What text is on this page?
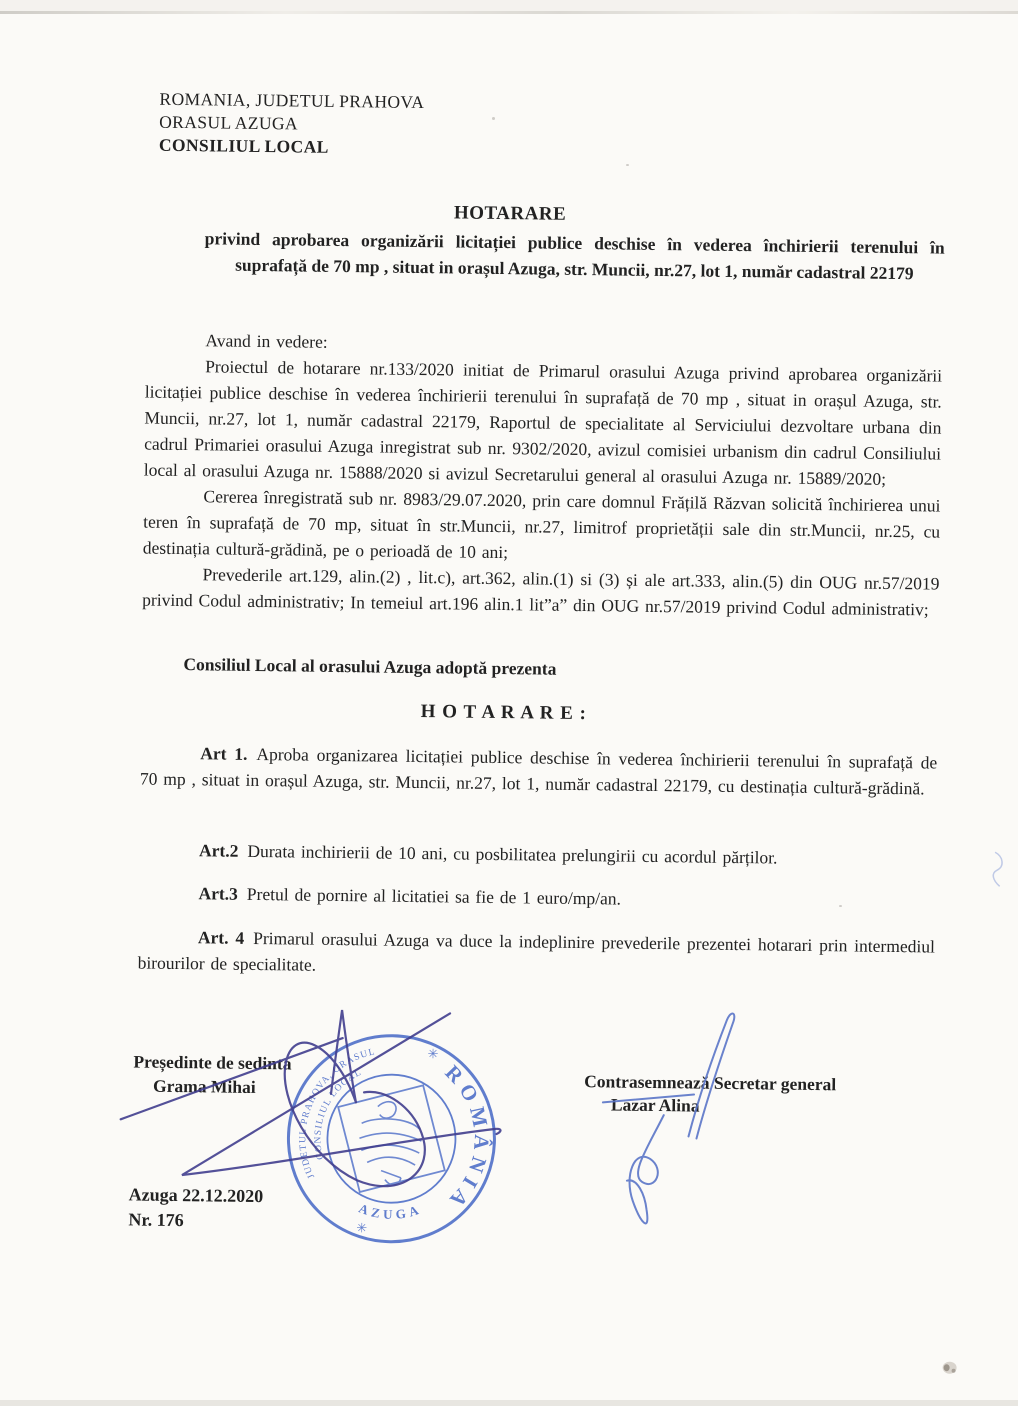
ROMANIA, JUDETUL PRAHOVA
ORASUL AZUGA
CONSILIUL LOCAL
HOTARARE
privind aprobarea organizării licitației publice deschise în vederea închirierii terenului în suprafață de 70 mp , situat in orașul Azuga, str. Muncii, nr.27, lot 1, număr cadastral 22179

Avand in vedere:

Proiectul de hotarare nr.133/2020 initiat de Primarul orasului Azuga privind aprobarea organizării licitației publice deschise în vederea închirierii terenului în suprafață de 70 mp , situat in orașul Azuga, str. Muncii, nr.27, lot 1, număr cadastral 22179, Raportul de specialitate al Serviciului dezvoltare urbana din cadrul Primariei orasului Azuga inregistrat sub nr. 9302/2020, avizul comisiei urbanism din cadrul Consiliului local al orasului Azuga nr. 15888/2020 si avizul Secretarului general al orasului Azuga nr. 15889/2020;

Cererea înregistrată sub nr. 8983/29.07.2020, prin care domnul Frățilă Răzvan solicită închirierea unui teren în suprafață de 70 mp, situat în str.Muncii, nr.27, limitrof proprietății sale din str.Muncii, nr.25, cu destinația cultură-grădină, pe o perioadă de 10 ani;

Prevederile art.129, alin.(2) , lit.c), art.362, alin.(1) si (3) și ale art.333, alin.(5) din OUG nr.57/2019 privind Codul administrativ; In temeiul art.196 alin.1 lit”a” din OUG nr.57/2019 privind Codul administrativ;

Consiliul Local al orasului Azuga adoptă prezenta
H O T A R A R E :

Art 1. Aproba organizarea licitației publice deschise în vederea închirierii terenului în suprafață de 70 mp , situat in orașul Azuga, str. Muncii, nr.27, lot 1, număr cadastral 22179, cu destinația cultură-grădină.

Art.2 Durata inchirierii de 10 ani, cu posbilitatea prelungirii cu acordul părților.

Art.3 Pretul de pornire al licitatiei sa fie de 1 euro/mp/an.

Art. 4 Primarul orasului Azuga va duce la indeplinire prevederile prezentei hotarari prin intermediul birourilor de specialitate.

Președinte de sedinta
Grama Mihai	Contrasemnează Secretar general
Lazar Alina
Azuga 22.12.2020
Nr. 176
JUDETUL PRAHOVA, ORASUL
CONSILIUL LOCAL
AZUGA
ROMÂNIA
✳
✳
